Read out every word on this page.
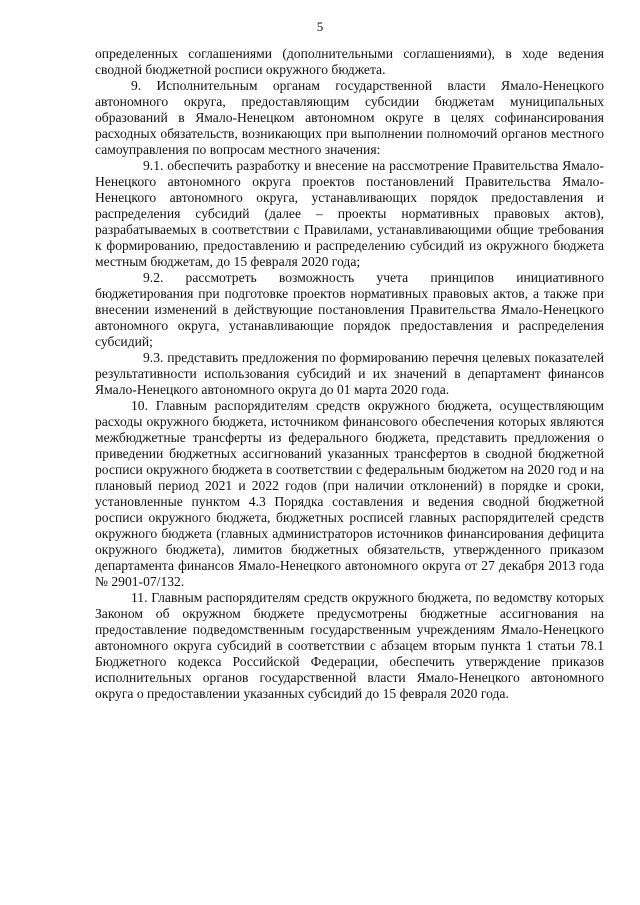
5

определенных соглашениями (дополнительными соглашениями), в ходе ведения сводной бюджетной росписи окружного бюджета.

9. Исполнительным органам государственной власти Ямало-Ненецкого автономного округа, предоставляющим субсидии бюджетам муниципальных образований в Ямало-Ненецком автономном округе в целях софинансирования расходных обязательств, возникающих при выполнении полномочий органов местного самоуправления по вопросам местного значения:

9.1. обеспечить разработку и внесение на рассмотрение Правительства Ямало-Ненецкого автономного округа проектов постановлений Правительства Ямало-Ненецкого автономного округа, устанавливающих порядок предоставления и распределения субсидий (далее – проекты нормативных правовых актов), разрабатываемых в соответствии с Правилами, устанавливающими общие требования к формированию, предоставлению и распределению субсидий из окружного бюджета местным бюджетам, до 15 февраля 2020 года;

9.2. рассмотреть возможность учета принципов инициативного бюджетирования при подготовке проектов нормативных правовых актов, а также при внесении изменений в действующие постановления Правительства Ямало-Ненецкого автономного округа, устанавливающие порядок предоставления и распределения субсидий;

9.3. представить предложения по формированию перечня целевых показателей результативности использования субсидий и их значений в департамент финансов Ямало-Ненецкого автономного округа до 01 марта 2020 года.

10. Главным распорядителям средств окружного бюджета, осуществляющим расходы окружного бюджета, источником финансового обеспечения которых являются межбюджетные трансферты из федерального бюджета, представить предложения о приведении бюджетных ассигнований указанных трансфертов в сводной бюджетной росписи окружного бюджета в соответствии с федеральным бюджетом на 2020 год и на плановый период 2021 и 2022 годов (при наличии отклонений) в порядке и сроки, установленные пунктом 4.3 Порядка составления и ведения сводной бюджетной росписи окружного бюджета, бюджетных росписей главных распорядителей средств окружного бюджета (главных администраторов источников финансирования дефицита окружного бюджета), лимитов бюджетных обязательств, утвержденного приказом департамента финансов Ямало-Ненецкого автономного округа от 27 декабря 2013 года № 2901-07/132.

11. Главным распорядителям средств окружного бюджета, по ведомству которых Законом об окружном бюджете предусмотрены бюджетные ассигнования на предоставление подведомственным государственным учреждениям Ямало-Ненецкого автономного округа субсидий в соответствии с абзацем вторым пункта 1 статьи 78.1 Бюджетного кодекса Российской Федерации, обеспечить утверждение приказов исполнительных органов государственной власти Ямало-Ненецкого автономного округа о предоставлении указанных субсидий до 15 февраля 2020 года.
